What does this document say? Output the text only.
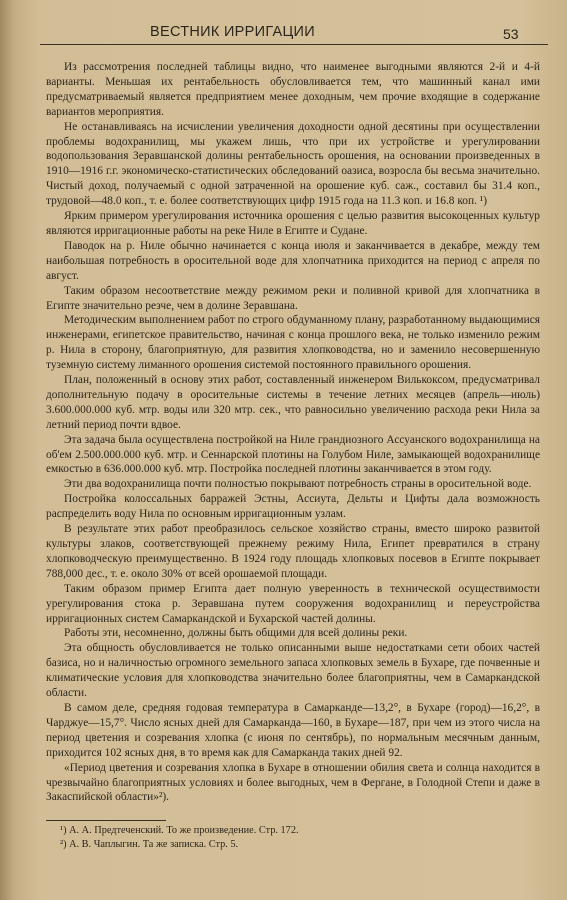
ВЕСТНИК ИРРИГАЦИИ	53

Из рассмотрения последней таблицы видно, что наименее выгодными являются 2-й и 4-й варианты. Меньшая их рентабельность обусловливается тем, что машинный канал ими предусматриваемый является предприятием менее доходным, чем прочие входящие в содержание вариантов мероприятия.

Не останавливаясь на исчислении увеличения доходности одной десятины при осуществлении проблемы водохранилищ, мы укажем лишь, что при их устройстве и урегулировании водопользования Зеравшанской долины рентабельность орошения, на основании произведенных в 1910—1916 г.г. экономическо-статистических обследований оазиса, возросла бы весьма значительно. Чистый доход, получаемый с одной затраченной на орошение куб. саж., составил бы 31.4 коп., трудовой—48.0 коп., т. е. более соответствующих цифр 1915 года на 11.3 коп. и 16.8 коп. ¹)

Ярким примером урегулирования источника орошения с целью развития высокоценных культур являются ирригационные работы на реке Ниле в Египте и Судане.

Паводок на р. Ниле обычно начинается с конца июля и заканчивается в декабре, между тем наибольшая потребность в оросительной воде для хлопчатника приходится на период с апреля по август.

Таким образом несоответствие между режимом реки и поливной кривой для хлопчатника в Египте значительно резче, чем в долине Зеравшана.

Методическим выполнением работ по строго обдуманному плану, разработанному выдающимися инженерами, египетское правительство, начиная с конца прошлого века, не только изменило режим р. Нила в сторону, благоприятную, для развития хлопководства, но и заменило несовершенную туземную систему лиманного орошения системой постоянного правильного орошения.

План, положенный в основу этих работ, составленный инженером Вилькоксом, предусматривал дополнительную подачу в оросительные системы в течение летних месяцев (апрель—июль) 3.600.000.000 куб. мтр. воды или 320 мтр. сек., что равносильно увеличению расхода реки Нила за летний период почти вдвое.

Эта задача была осуществлена постройкой на Ниле грандиозного Ассуанского водохранилища на об'ем 2.500.000.000 куб. мтр. и Сеннарской плотины на Голубом Ниле, замыкающей водохранилище емкостью в 636.000.000 куб. мтр. Постройка последней плотины заканчивается в этом году.

Эти два водохранилища почти полностью покрывают потребность страны в оросительной воде.

Постройка колоссальных барражей Эстны, Ассиута, Дельты и Цифты дала возможность распределить воду Нила по основным ирригационным узлам.

В результате этих работ преобразилось сельское хозяйство страны, вместо широко развитой культуры злаков, соответствующей прежнему режиму Нила, Египет превратился в страну хлопководческую преимущественно. В 1924 году площадь хлопковых посевов в Египте покрывает 788,000 дес., т. е. около 30% от всей орошаемой площади.

Таким образом пример Египта дает полную уверенность в технической осуществимости урегулирования стока р. Зеравшана путем сооружения водохранилищ и переустройства ирригационных систем Самаркандской и Бухарской частей долины.

Работы эти, несомненно, должны быть общими для всей долины реки.

Эта общность обусловливается не только описанными выше недостатками сети обоих частей базиса, но и наличностью огромного земельного запаса хлопковых земель в Бухаре, где почвенные и климатические условия для хлопководства значительно более благоприятны, чем в Самаркандской области.

В самом деле, средняя годовая температура в Самарканде—13,2°, в Бухаре (город)—16,2°, в Чарджуе—15,7°. Число ясных дней для Самарканда—160, в Бухаре—187, при чем из этого числа на период цветения и созревания хлопка (с июня по сентябрь), по нормальным месячным данным, приходится 102 ясных дня, в то время как для Самарканда таких дней 92.

«Период цветения и созревания хлопка в Бухаре в отношении обилия света и солнца находится в чрезвычайно благоприятных условиях и более выгодных, чем в Фергане, в Голодной Степи и даже в Закаспийской области»²).

¹) А. А. Предтеченский. То же произведение. Стр. 172.
²) А. В. Чаплыгин. Та же записка. Стр. 5.
